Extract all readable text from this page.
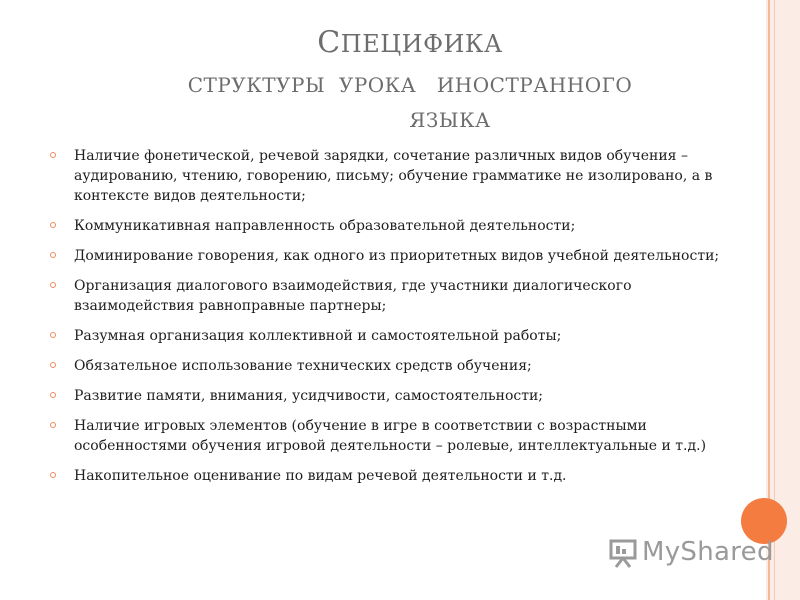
СПЕЦИФИКА
СТРУКТУРЫ  УРОКА   ИНОСТРАННОГО
ЯЗЫКА
Наличие фонетической, речевой зарядки, сочетание различных видов обучения – аудированию, чтению, говорению, письму; обучение грамматике не изолировано, а в контексте видов деятельности;
Коммуникативная направленность образовательной деятельности;
Доминирование говорения, как одного из приоритетных видов учебной деятельности;
Организация диалогового взаимодействия, где участники диалогического взаимодействия равноправные партнеры;
Разумная организация коллективной и самостоятельной работы;
Обязательное использование технических средств обучения;
Развитие памяти, внимания, усидчивости, самостоятельности;
Наличие игровых элементов (обучение в игре в соответствии с возрастными особенностями обучения игровой деятельности – ролевые, интеллектуальные и т.д.)
Накопительное оценивание по видам речевой деятельности и т.д.
MyShared
